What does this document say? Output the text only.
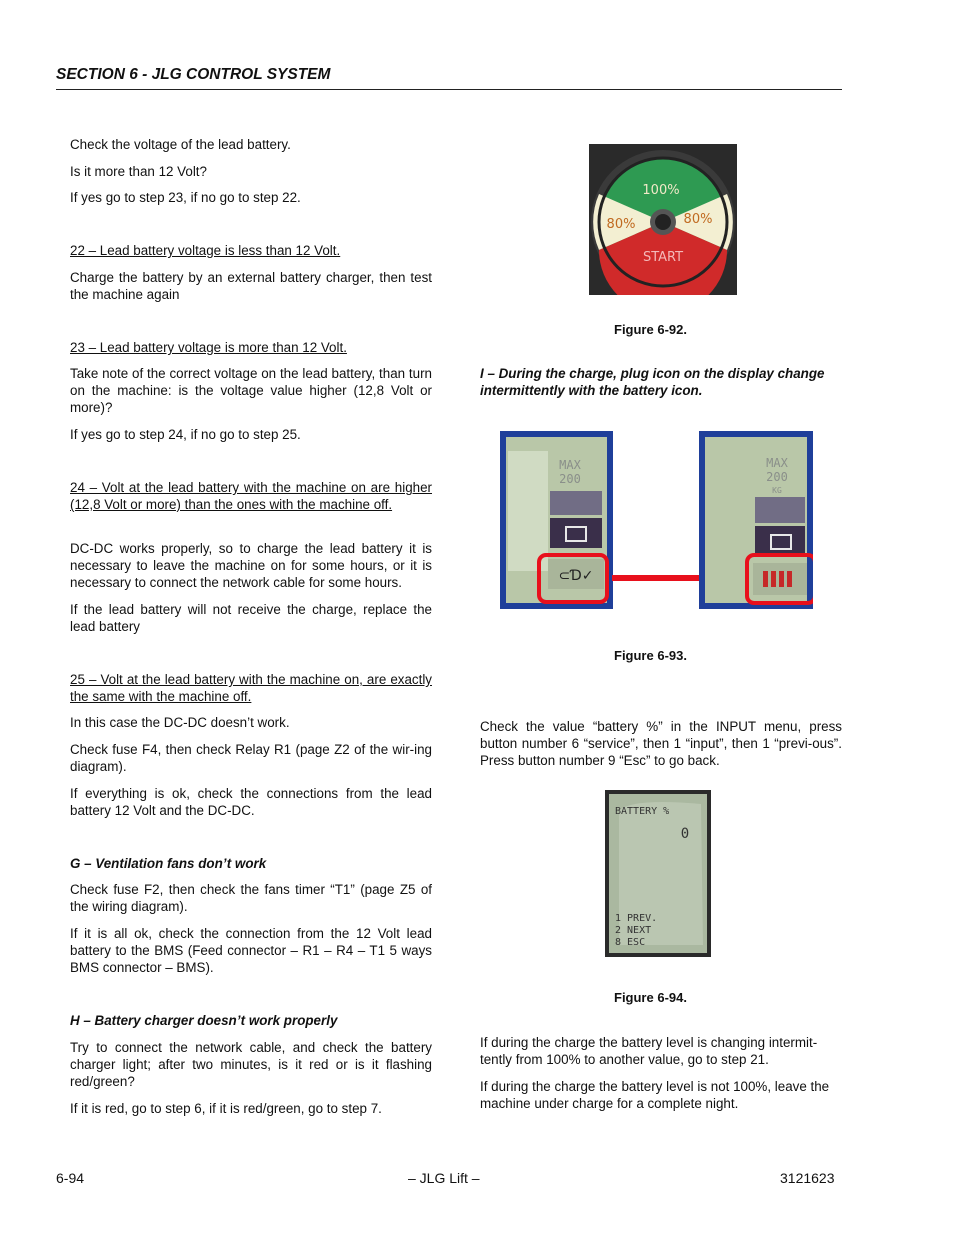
SECTION 6 - JLG CONTROL SYSTEM

Check the voltage of the lead battery.

Is it more than 12 Volt?

If yes go to step 23, if no go to step 22.

22 – Lead battery voltage is less than 12 Volt.

Charge the battery by an external battery charger, then test the machine again

23 – Lead battery voltage is more than 12 Volt.

Take note of the correct voltage on the lead battery, than turn on the machine: is the voltage value higher (12,8 Volt or more)?

If yes go to step 24, if no go to step 25.

24 – Volt at the lead battery with the machine on are higher (12,8 Volt or more) than the ones with the machine off.

DC-DC works properly, so to charge the lead battery it is necessary to leave the machine on for some hours, or it is necessary to connect the network cable for some hours.

If the lead battery will not receive the charge, replace the lead battery

25 – Volt at the lead battery with the machine on, are exactly the same with the machine off.

In this case the DC-DC doesn’t work.

Check fuse F4, then check Relay R1 (page Z2 of the wir-ing diagram).

If everything is ok, check the connections from the lead battery 12 Volt and the DC-DC.

G – Ventilation fans don’t work

Check fuse F2, then check the fans timer “T1” (page Z5 of the wiring diagram).

If it is all ok, check the connection from the 12 Volt lead battery to the BMS (Feed connector – R1 – R4 – T1 5 ways BMS connector – BMS).

H – Battery charger doesn’t work properly

Try to connect the network cable, and check the battery charger light; after two minutes, is it red or is it flashing red/green?

If it is red, go to step 6, if it is red/green, go to step 7.

100%
80%	80%
START
Figure 6-92.
I – During the charge, plug icon on the display change intermittently with the battery icon.
MAX
200
⊂Ɗ✓
MAX
200
KG
Figure 6-93.
Check the value “battery %” in the INPUT menu, press button number 6 “service”, then 1 “input”, then 1 “previ-ous”. Press button number 9 “Esc” to go back.
BATTERY %
0
1 PREV.
2 NEXT
8 ESC
Figure 6-94.
If during the charge the battery level is changing intermit-tently from 100% to another value, go to step 21.
If during the charge the battery level is not 100%, leave the machine under charge for a complete night.
6-94	– JLG Lift –	3121623
